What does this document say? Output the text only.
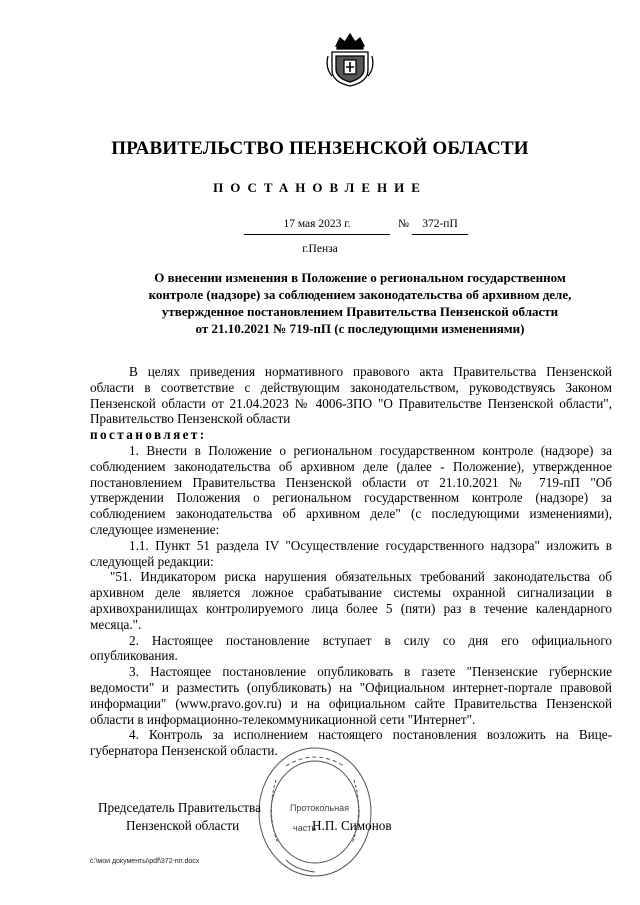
ПРАВИТЕЛЬСТВО ПЕНЗЕНСКОЙ ОБЛАСТИ
ПОСТАНОВЛЕНИЕ
17 мая 2023 г.	№	372-пП
г.Пенза
О внесении изменения в Положение о региональном государственном
контроле (надзоре) за соблюдением законодательства об архивном деле,
утвержденное постановлением Правительства Пензенской области
от 21.10.2021 № 719-пП (с последующими изменениями)

В целях приведения нормативного правового акта Правительства Пензенской области в соответствие с действующим законодательством, руководствуясь Законом Пензенской области от 21.04.2023 № 4006-ЗПО "О Правительстве Пензенской области", Правительство Пензенской области

постановляет:

1. Внести в Положение о региональном государственном контроле (надзоре) за соблюдением законодательства об архивном деле (далее - Положение), утвержденное постановлением Правительства Пензенской области от 21.10.2021 № 719-пП "Об утверждении Положения о региональном государственном контроле (надзоре) за соблюдением законодательства об архивном деле" (с последующими изменениями), следующее изменение:

1.1. Пункт 51 раздела IV "Осуществление государственного надзора" изложить в следующей редакции:

"51. Индикатором риска нарушения обязательных требований законодательства об архивном деле является ложное срабатывание системы охранной сигнализации в архивохранилищах контролируемого лица более 5 (пяти) раз в течение календарного месяца.".

2. Настоящее постановление вступает в силу со дня его официального опубликования.

3. Настоящее постановление опубликовать в газете "Пензенские губернские ведомости" и разместить (опубликовать) на "Официальном интернет-портале правовой информации" (www.pravo.gov.ru) и на официальном сайте Правительства Пензенской области в информационно-телекоммуникационной сети "Интернет".

4. Контроль за исполнением настоящего постановления возложить на Вице-губернатора Пензенской области.

Протокольная
часть
Председатель Правительства
Пензенской области	Н.П. Симонов
c:\мои документы\pdf\372-пп.docx
